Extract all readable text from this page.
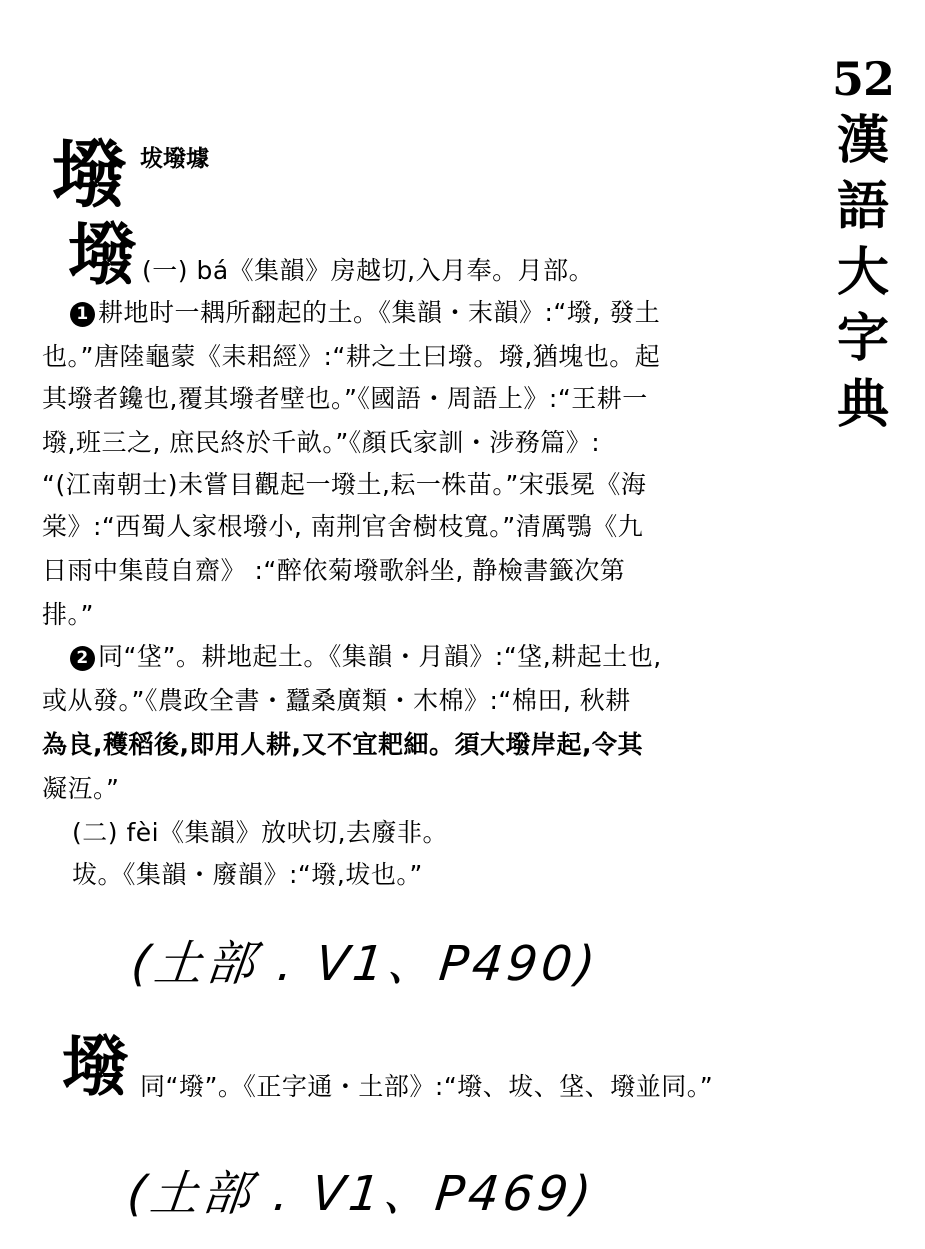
52
漢
語
大
字
典
墢 坺墢壉
墢 (一) bá《集韻》房越切,入月奉。月部。
1 耕地时一耦所翻起的土。《集韻・末韻》:“墢, 發土
也。”唐陸龜蒙《耒耜經》:“耕之土曰墢。墢,猶塊也。起
其墢者鑱也,覆其墢者壁也。”《國語・周語上》:“王耕一
墢,班三之, 庶民終於千畝。”《顏氏家訓・涉務篇》:
“(江南朝士)未嘗目觀起一墢土,耘一株苗。”宋張冕《海
棠》:“西蜀人家根墢小, 南荆官舍樹枝寬。”清厲鶚《九
日雨中集葭自齋》 :“醉依菊墢歌斜坐, 静檢書籤次第
排。”
2 同“垡”。耕地起土。《集韻・月韻》:“垡,耕起土也,
或从發。”《農政全書・蠶桑廣類・木棉》:“棉田, 秋耕
為良,穫稻後,即用人耕,又不宜耙細。須大墢岸起,令其
凝沍。”
(二) fèi《集韻》放吠切,去廢非。
坺。《集韻・廢韻》:“墢,坺也。”
(土部 . V1、P490)
墢 同“墢”。《正字通・土部》:“墢、坺、垡、墢並同。”
(土部 . V1、P469)
